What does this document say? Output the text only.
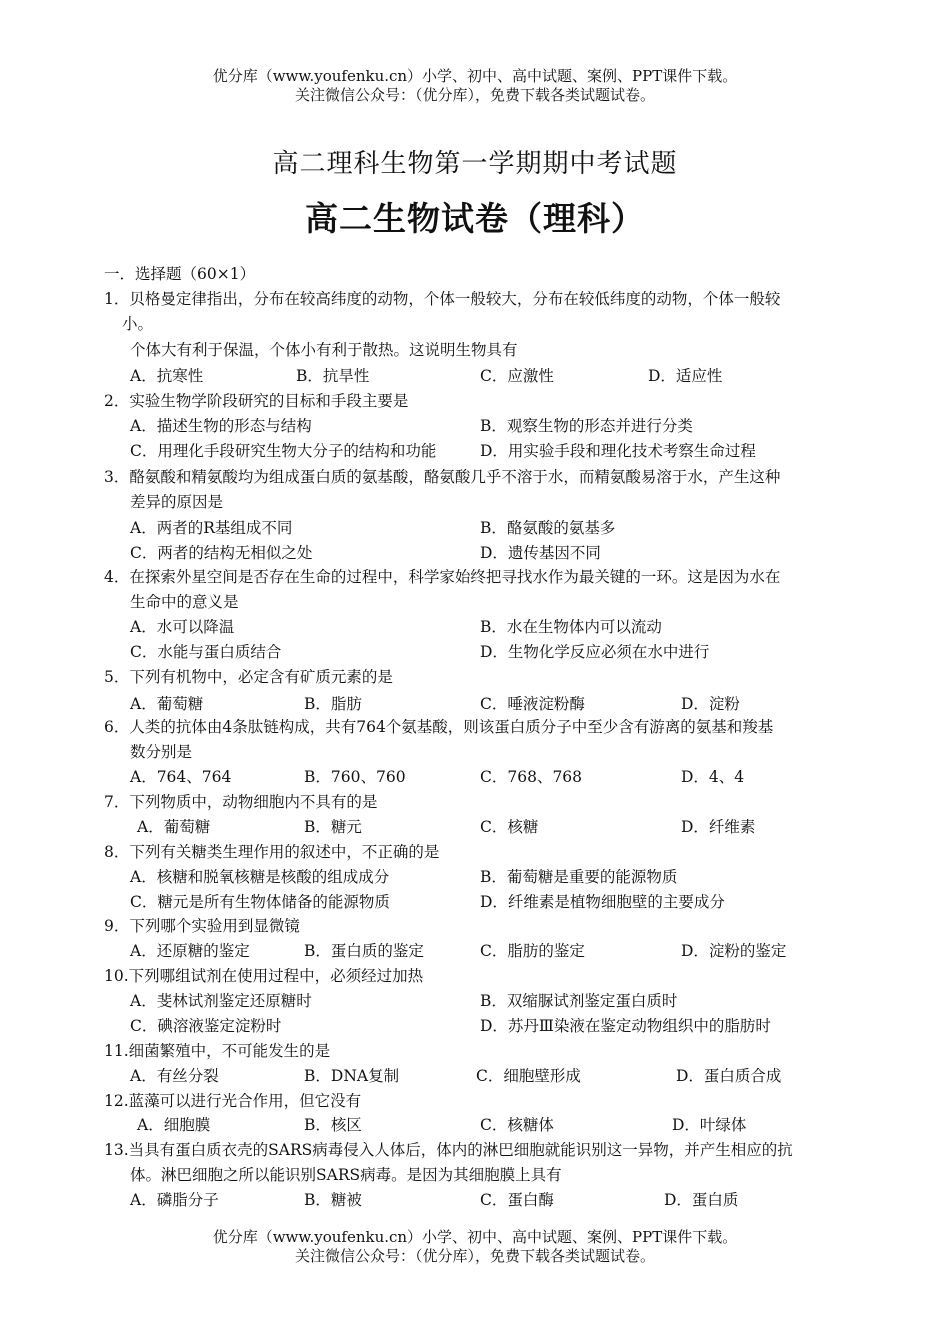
优分库（www.youfenku.cn）小学、初中、高中试题、案例、PPT课件下载。
关注微信公众号：（优分库），免费下载各类试题试卷。
高二理科生物第一学期期中考试题
高二生物试卷（理科）
一．选择题（60×1）
1．贝格曼定律指出，分布在较高纬度的动物，个体一般较大，分布在较低纬度的动物，个体一般较
小。
个体大有利于保温，个体小有利于散热。这说明生物具有
A．抗寒性	B．抗旱性	C．应激性	D．适应性
2．实验生物学阶段研究的目标和手段主要是
A．描述生物的形态与结构	B．观察生物的形态并进行分类
C．用理化手段研究生物大分子的结构和功能	D．用实验手段和理化技术考察生命过程
3．酪氨酸和精氨酸均为组成蛋白质的氨基酸，酪氨酸几乎不溶于水，而精氨酸易溶于水，产生这种
差异的原因是
A．两者的R基组成不同	B．酪氨酸的氨基多
C．两者的结构无相似之处	D．遗传基因不同
4．在探索外星空间是否存在生命的过程中，科学家始终把寻找水作为最关键的一环。这是因为水在
生命中的意义是
A．水可以降温	B．水在生物体内可以流动
C．水能与蛋白质结合	D．生物化学反应必须在水中进行
5．下列有机物中，必定含有矿质元素的是
A．葡萄糖	B．脂肪	C．唾液淀粉酶	D．淀粉
6．人类的抗体由4条肽链构成，共有764个氨基酸，则该蛋白质分子中至少含有游离的氨基和羧基
数分别是
A．764、764	B．760、760	C．768、768	D．4、4
7．下列物质中，动物细胞内不具有的是
A．葡萄糖	B．糖元	C．核糖	D．纤维素
8．下列有关糖类生理作用的叙述中，不正确的是
A．核糖和脱氧核糖是核酸的组成成分	B．葡萄糖是重要的能源物质
C．糖元是所有生物体储备的能源物质	D．纤维素是植物细胞壁的主要成分
9．下列哪个实验用到显微镜
A．还原糖的鉴定	B．蛋白质的鉴定	C．脂肪的鉴定	D．淀粉的鉴定
10.下列哪组试剂在使用过程中，必须经过加热
A．斐林试剂鉴定还原糖时	B．双缩脲试剂鉴定蛋白质时
C．碘溶液鉴定淀粉时	D．苏丹Ⅲ染液在鉴定动物组织中的脂肪时
11.细菌繁殖中，不可能发生的是
A．有丝分裂	B．DNA复制	C．细胞壁形成	D．蛋白质合成
12.蓝藻可以进行光合作用，但它没有
A．细胞膜	B．核区	C．核糖体	D．叶绿体
13.当具有蛋白质衣壳的SARS病毒侵入人体后，体内的淋巴细胞就能识别这一异物，并产生相应的抗
体。淋巴细胞之所以能识别SARS病毒。是因为其细胞膜上具有
A．磷脂分子	B．糖被	C．蛋白酶	D．蛋白质
优分库（www.youfenku.cn）小学、初中、高中试题、案例、PPT课件下载。
关注微信公众号：（优分库），免费下载各类试题试卷。
